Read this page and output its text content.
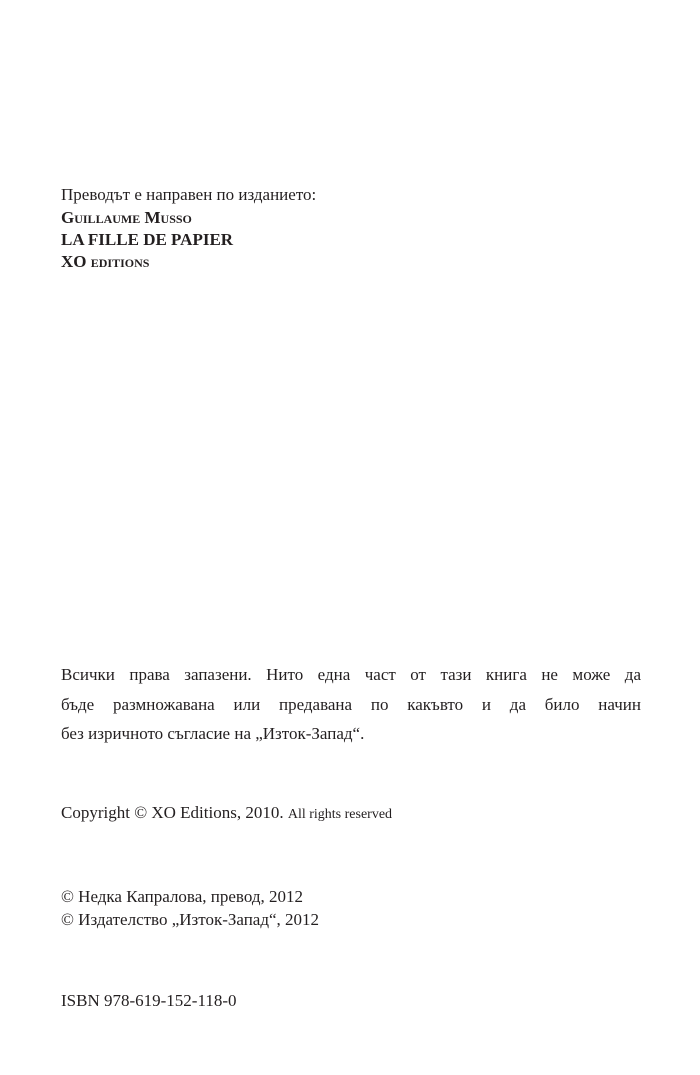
Преводът е направен по изданието:

Guillaume Musso
LA FILLE DE PAPIER
XO editions
Всички права запазени. Нито една част от тази книга не може да
бъде размножавана или предавана по какъвто и да било начин
без изричното съгласие на „Изток-Запад“.

Copyright © XO Editions, 2010. All rights reserved

© Недка Капралова, превод, 2012
© Издателство „Изток-Запад“, 2012

ISBN 978-619-152-118-0
